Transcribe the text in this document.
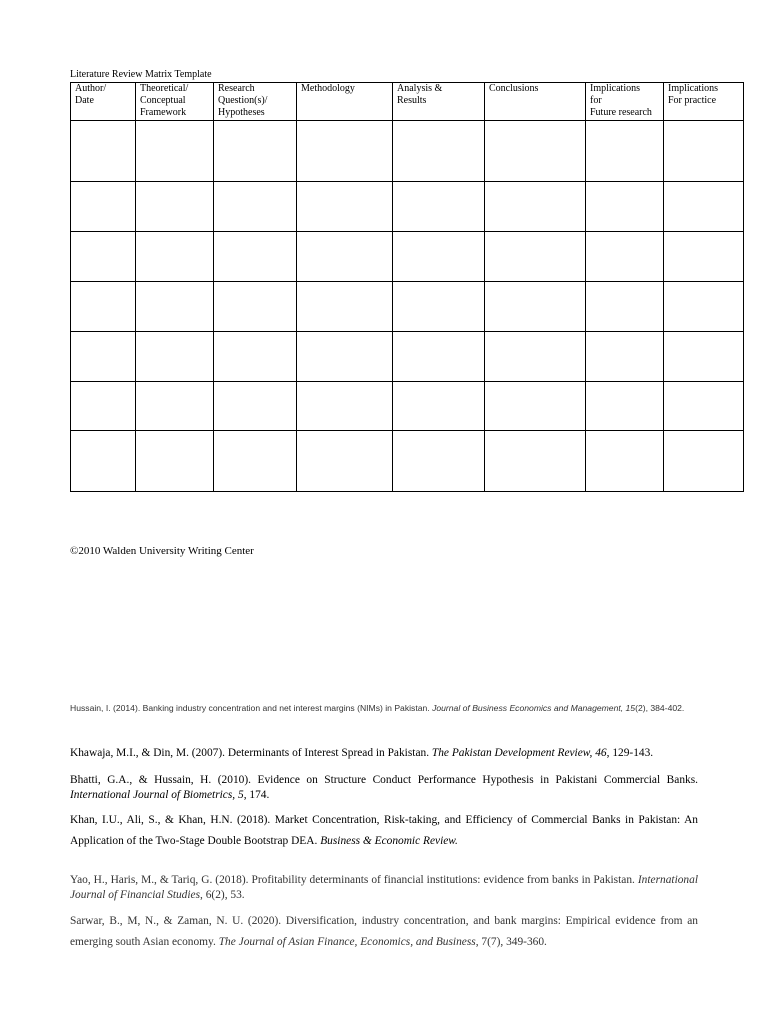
Literature Review Matrix Template
Author/
Date	Theoretical/
Conceptual
Framework	Research
Question(s)/
Hypotheses	Methodology	Analysis &
Results	Conclusions	Implications
for
Future research	Implications
For practice

©2010 Walden University Writing Center
Hussain, I. (2014). Banking industry concentration and net interest margins (NIMs) in Pakistan. Journal of Business Economics and Management, 15(2), 384-402.
Khawaja, M.I., & Din, M. (2007). Determinants of Interest Spread in Pakistan. The Pakistan Development Review, 46, 129-143.
Bhatti, G.A., & Hussain, H. (2010). Evidence on Structure Conduct Performance Hypothesis in Pakistani Commercial Banks. International Journal of Biometrics, 5, 174.
Khan, I.U., Ali, S., & Khan, H.N. (2018). Market Concentration, Risk-taking, and Efficiency of Commercial Banks in Pakistan: An Application of the Two-Stage Double Bootstrap DEA. Business & Economic Review.
Yao, H., Haris, M., & Tariq, G. (2018). Profitability determinants of financial institutions: evidence from banks in Pakistan. International Journal of Financial Studies, 6(2), 53.
Sarwar, B., M, N., & Zaman, N. U. (2020). Diversification, industry concentration, and bank margins: Empirical evidence from an emerging south Asian economy. The Journal of Asian Finance, Economics, and Business, 7(7), 349-360.
